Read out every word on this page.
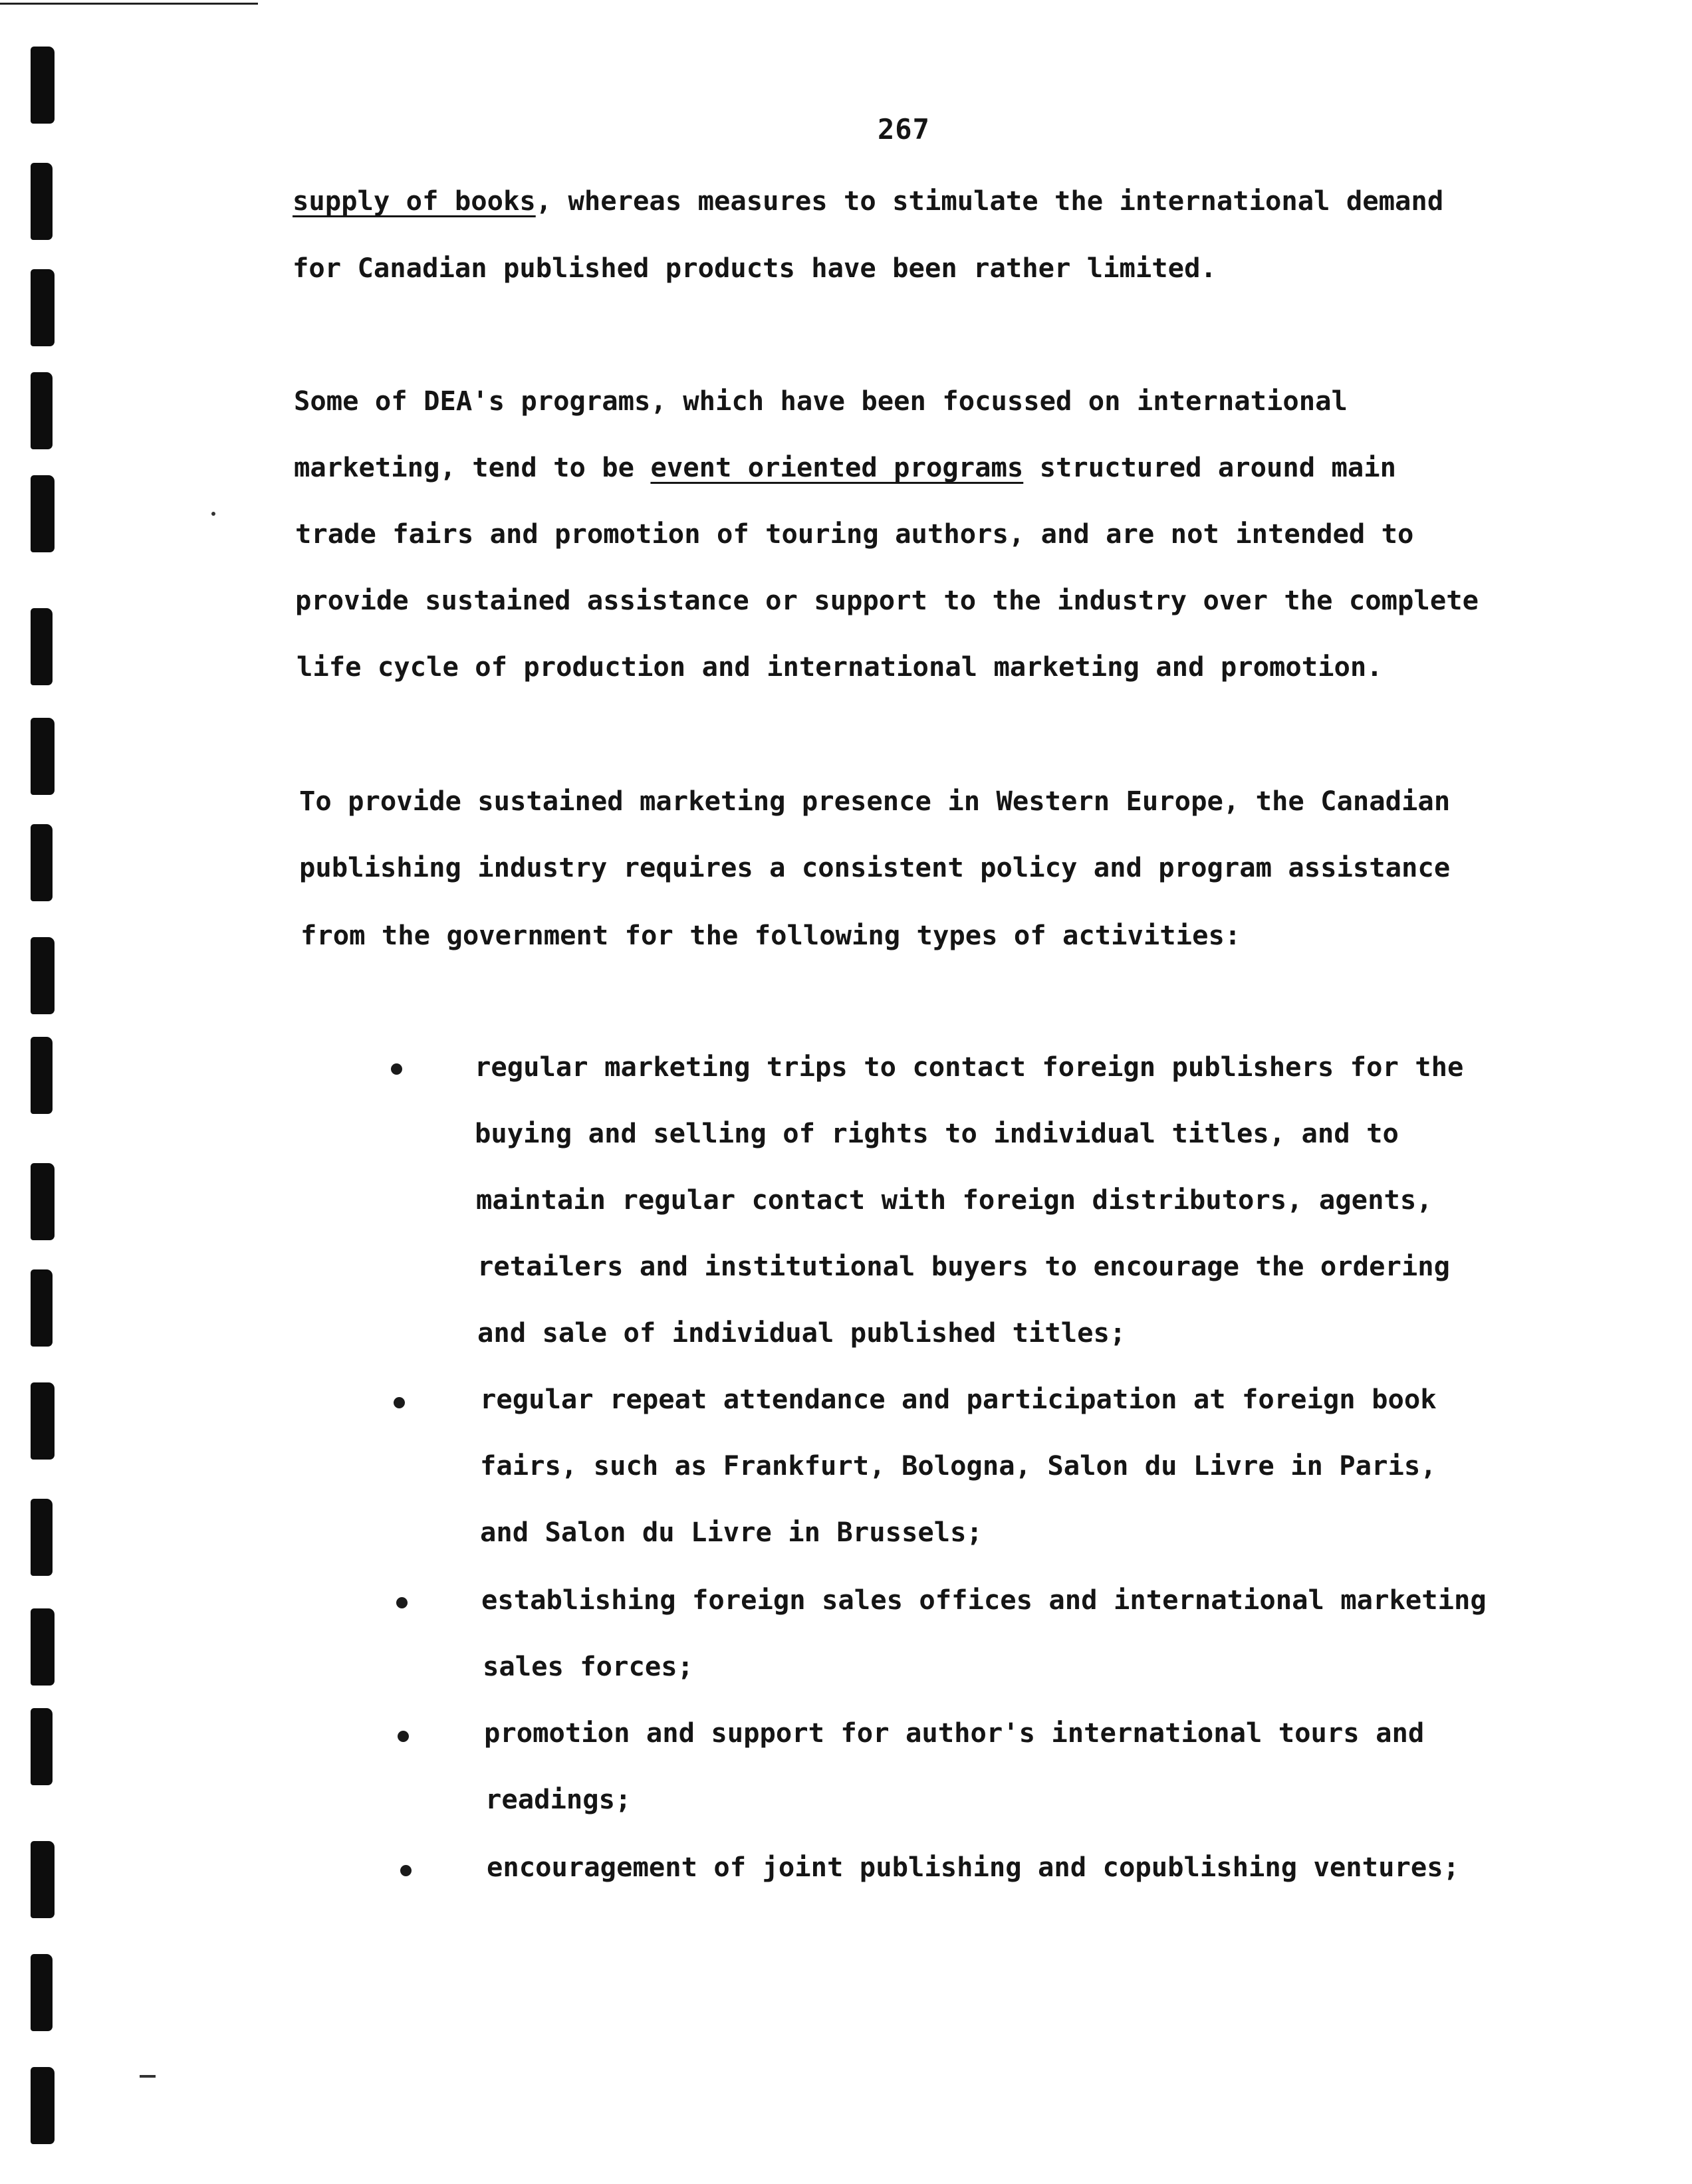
267
supply of books, whereas measures to stimulate the international demand
for Canadian published products have been rather limited.
Some of DEA's programs, which have been focussed on international
marketing, tend to be event oriented programs structured around main
trade fairs and promotion of touring authors, and are not intended to
provide sustained assistance or support to the industry over the complete
life cycle of production and international marketing and promotion.
To provide sustained marketing presence in Western Europe, the Canadian
publishing industry requires a consistent policy and program assistance
from the government for the following types of activities:
regular marketing trips to contact foreign publishers for the
buying and selling of rights to individual titles, and to
maintain regular contact with foreign distributors, agents,
retailers and institutional buyers to encourage the ordering
and sale of individual published titles;
regular repeat attendance and participation at foreign book
fairs, such as Frankfurt, Bologna, Salon du Livre in Paris,
and Salon du Livre in Brussels;
establishing foreign sales offices and international marketing
sales forces;
promotion and support for author's international tours and
readings;
encouragement of joint publishing and copublishing ventures;
